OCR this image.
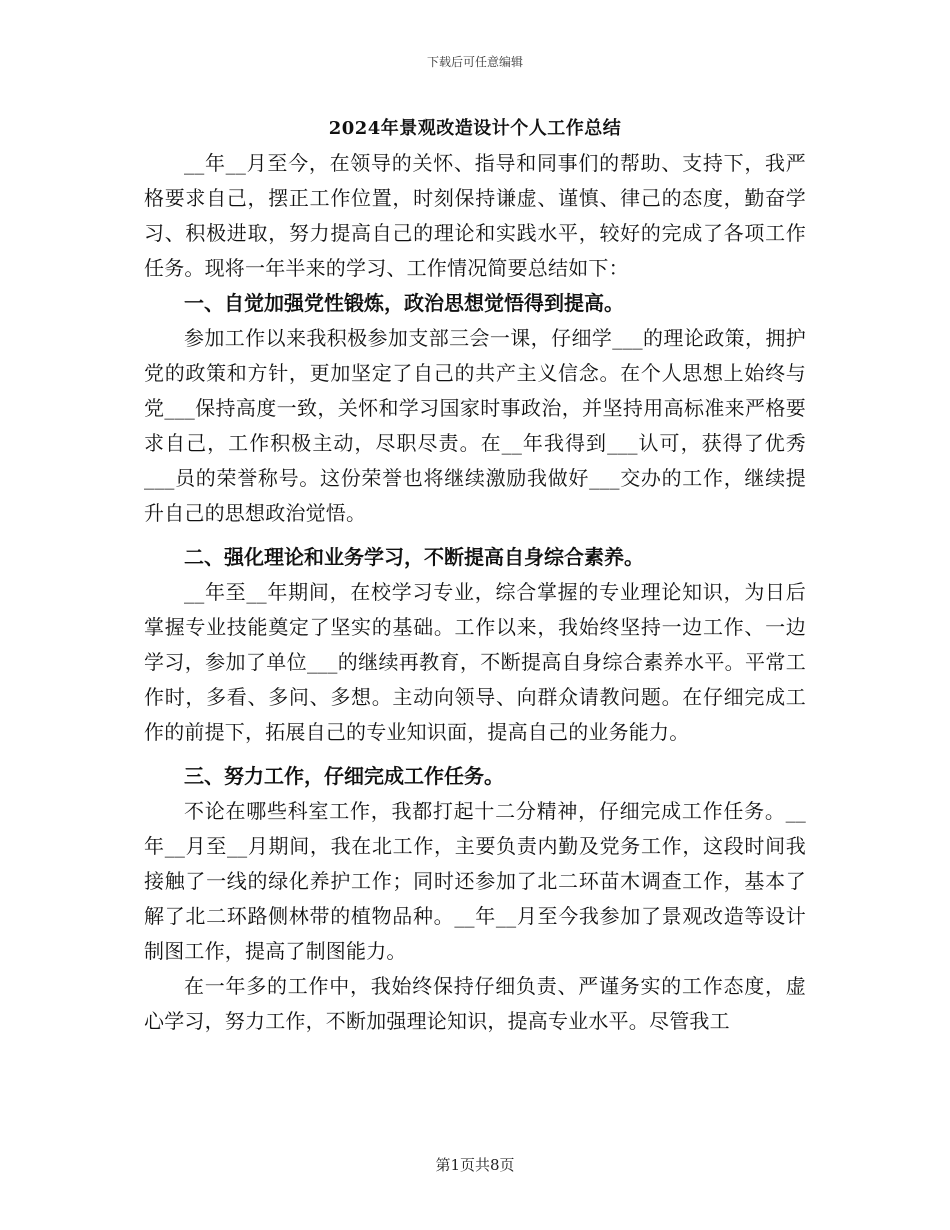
下载后可任意编辑
2024年景观改造设计个人工作总结

__年__月至今，在领导的关怀、指导和同事们的帮助、支持下，我严格要求自己，摆正工作位置，时刻保持谦虚、谨慎、律己的态度，勤奋学习、积极进取，努力提高自己的理论和实践水平，较好的完成了各项工作任务。现将一年半来的学习、工作情况简要总结如下：

一、自觉加强党性锻炼，政治思想觉悟得到提高。

参加工作以来我积极参加支部三会一课，仔细学___的理论政策，拥护党的政策和方针，更加坚定了自己的共产主义信念。在个人思想上始终与党___保持高度一致，关怀和学习国家时事政治，并坚持用高标准来严格要求自己，工作积极主动，尽职尽责。在__年我得到___认可，获得了优秀___员的荣誉称号。这份荣誉也将继续激励我做好___交办的工作，继续提升自己的思想政治觉悟。

二、强化理论和业务学习，不断提高自身综合素养。

__年至__年期间，在校学习专业，综合掌握的专业理论知识，为日后掌握专业技能奠定了坚实的基础。工作以来，我始终坚持一边工作、一边学习，参加了单位___的继续再教育，不断提高自身综合素养水平。平常工作时，多看、多问、多想。主动向领导、向群众请教问题。在仔细完成工作的前提下，拓展自己的专业知识面，提高自己的业务能力。

三、努力工作，仔细完成工作任务。

不论在哪些科室工作，我都打起十二分精神，仔细完成工作任务。__年__月至__月期间，我在北工作，主要负责内勤及党务工作，这段时间我接触了一线的绿化养护工作；同时还参加了北二环苗木调查工作，基本了解了北二环路侧林带的植物品种。__年__月至今我参加了景观改造等设计制图工作，提高了制图能力。

在一年多的工作中，我始终保持仔细负责、严谨务实的工作态度，虚心学习，努力工作，不断加强理论知识，提高专业水平。尽管我工

第1页共8页
